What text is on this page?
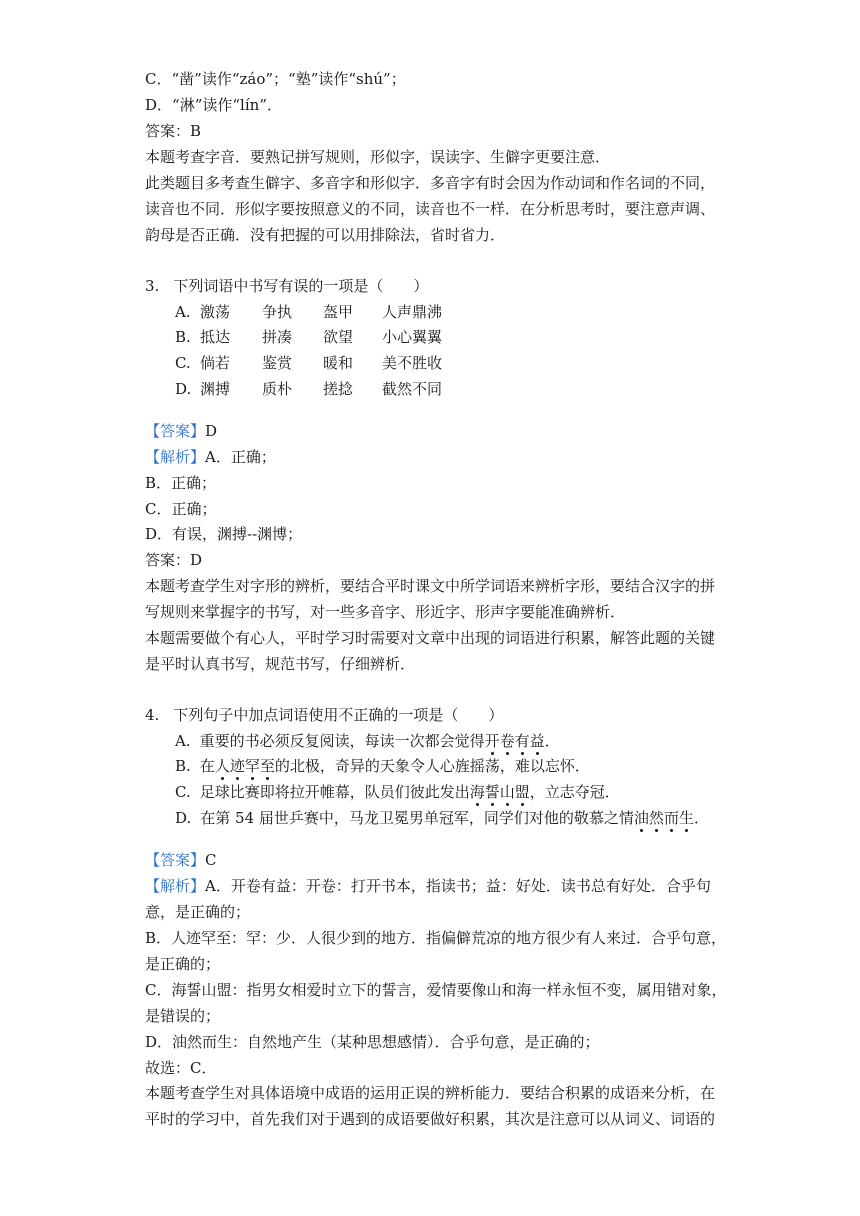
C．“凿”读作“záo”；“塾”读作“shú”；
D．“淋”读作“lín”．
答案：B
本题考查字音．要熟记拼写规则，形似字，误读字、生僻字更要注意．
此类题目多考查生僻字、多音字和形似字．多音字有时会因为作动词和作名词的不同，
读音也不同．形似字要按照意义的不同，读音也不一样．在分析思考时，要注意声调、
韵母是否正确．没有把握的可以用排除法，省时省力．
3. 下列词语中书写有误的一项是（　　）
A. 激荡 争执 盔甲 人声鼎沸
B. 抵达 拼凑 欲望 小心翼翼
C. 倘若 鉴赏 暖和 美不胜收
D. 渊搏 质朴 搓捻 截然不同
【答案】D
【解析】A．正确；
B．正确；
C．正确；
D．有误，渊搏--渊博；
答案：D
本题考查学生对字形的辨析，要结合平时课文中所学词语来辨析字形，要结合汉字的拼
写规则来掌握字的书写，对一些多音字、形近字、形声字要能准确辨析．
本题需要做个有心人，平时学习时需要对文章中出现的词语进行积累，解答此题的关键
是平时认真书写，规范书写，仔细辨析．
4. 下列句子中加点词语使用不正确的一项是（　　）
A. 重要的书必须反复阅读，每读一次都会觉得开卷有益．
B. 在人迹罕至的北极，奇异的天象令人心旌摇荡，难以忘怀．
C. 足球比赛即将拉开帷幕，队员们彼此发出海誓山盟，立志夺冠．
D. 在第 54 届世乒赛中，马龙卫冕男单冠军，同学们对他的敬慕之情油然而生．
【答案】C
【解析】A．开卷有益：开卷：打开书本，指读书；益：好处．读书总有好处．合乎句
意，是正确的；
B．人迹罕至：罕：少．人很少到的地方．指偏僻荒凉的地方很少有人来过．合乎句意，
是正确的；
C．海誓山盟：指男女相爱时立下的誓言，爱情要像山和海一样永恒不变，属用错对象，
是错误的；
D．油然而生：自然地产生（某种思想感情）．合乎句意，是正确的；
故选：C．
本题考查学生对具体语境中成语的运用正误的辨析能力．要结合积累的成语来分析，在
平时的学习中，首先我们对于遇到的成语要做好积累，其次是注意可以从词义、词语的
